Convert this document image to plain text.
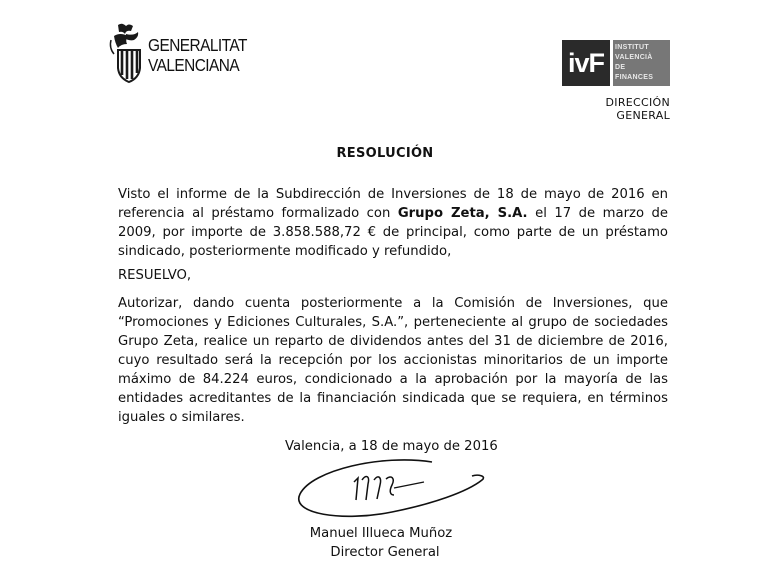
GENERALITAT
VALENCIANA	ivF
INSTITUT
VALENCIÀ
DE
FINANCES
DIRECCIÓN
GENERAL
RESOLUCIÓN
Visto el informe de la Subdirección de Inversiones de 18 de mayo de 2016 en referencia al préstamo formalizado con Grupo Zeta, S.A. el 17 de marzo de 2009, por importe de 3.858.588,72 € de principal, como parte de un préstamo sindicado, posteriormente modificado y refundido,
RESUELVO,
Autorizar, dando cuenta posteriormente a la Comisión de Inversiones, que “Promociones y Ediciones Culturales, S.A.”, perteneciente al grupo de sociedades Grupo Zeta, realice un reparto de dividendos antes del 31 de diciembre de 2016, cuyo resultado será la recepción por los accionistas minoritarios de un importe máximo de 84.224 euros, condicionado a la aprobación por la mayoría de las entidades acreditantes de la financiación sindicada que se requiera, en términos iguales o similares.
Valencia, a 18 de mayo de 2016
Manuel Illueca Muñoz
Director General
